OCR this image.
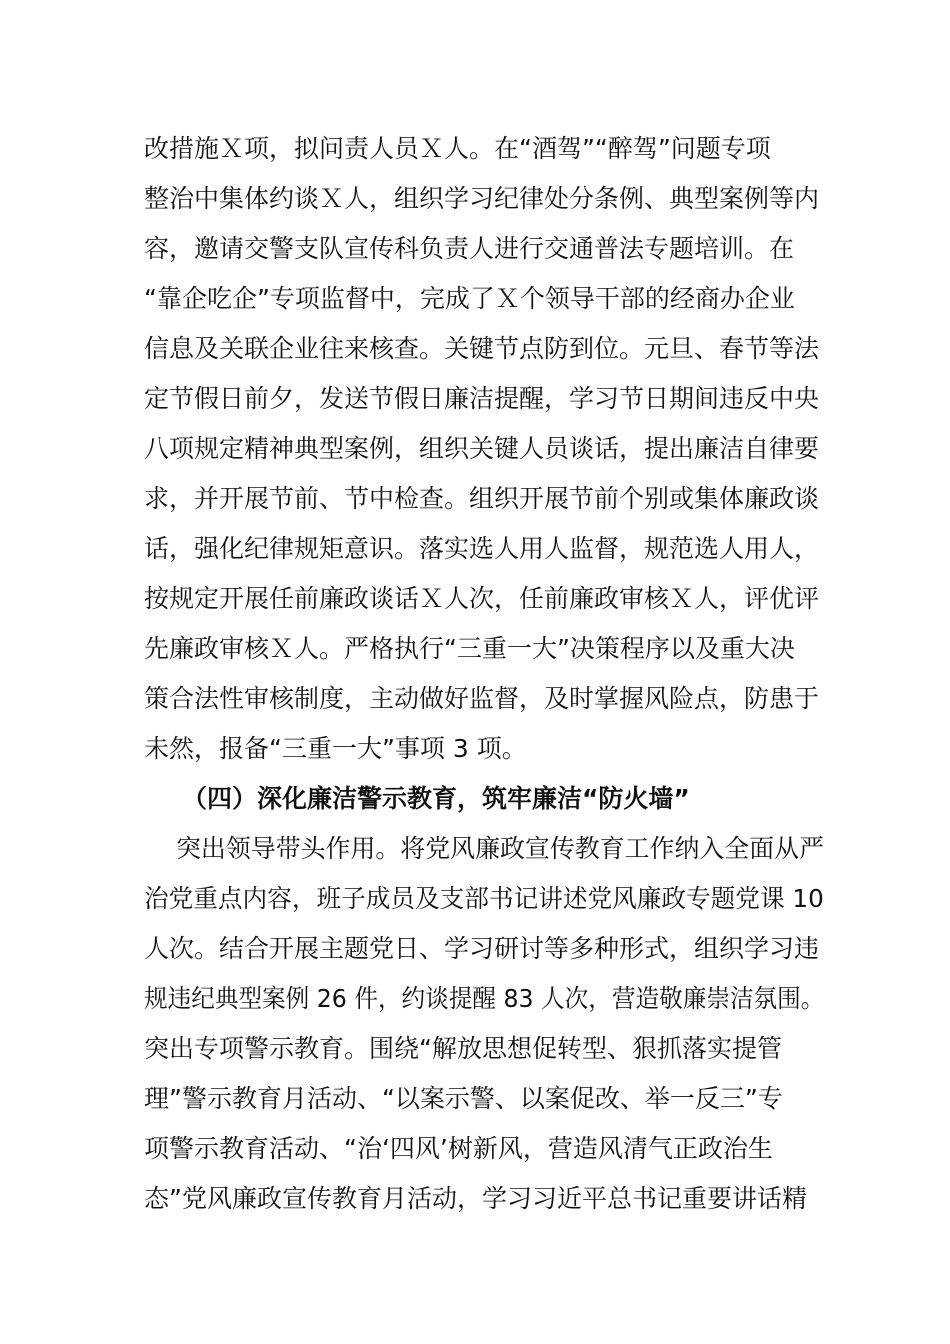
改措施Ｘ项，拟问责人员Ｘ人。在“酒驾”“醉驾”问题专项
整治中集体约谈Ｘ人，组织学习纪律处分条例、典型案例等内
容，邀请交警支队宣传科负责人进行交通普法专题培训。在
“靠企吃企”专项监督中，完成了Ｘ个领导干部的经商办企业
信息及关联企业往来核查。关键节点防到位。元旦、春节等法
定节假日前夕，发送节假日廉洁提醒，学习节日期间违反中央
八项规定精神典型案例，组织关键人员谈话，提出廉洁自律要
求，并开展节前、节中检查。组织开展节前个别或集体廉政谈
话，强化纪律规矩意识。落实选人用人监督，规范选人用人，
按规定开展任前廉政谈话Ｘ人次，任前廉政审核Ｘ人，评优评
先廉政审核Ｘ人。严格执行“三重一大”决策程序以及重大决
策合法性审核制度，主动做好监督，及时掌握风险点，防患于
未然，报备“三重一大”事项 3 项。
（四）深化廉洁警示教育，筑牢廉洁“防火墙”
突出领导带头作用。将党风廉政宣传教育工作纳入全面从严
治党重点内容，班子成员及支部书记讲述党风廉政专题党课 10
人次。结合开展主题党日、学习研讨等多种形式，组织学习违
规违纪典型案例 26 件，约谈提醒 83 人次，营造敬廉崇洁氛围。
突出专项警示教育。围绕“解放思想促转型、狠抓落实提管
理”警示教育月活动、“以案示警、以案促改、举一反三”专
项警示教育活动、“治‘四风’树新风，营造风清气正政治生
态”党风廉政宣传教育月活动，学习习近平总书记重要讲话精
